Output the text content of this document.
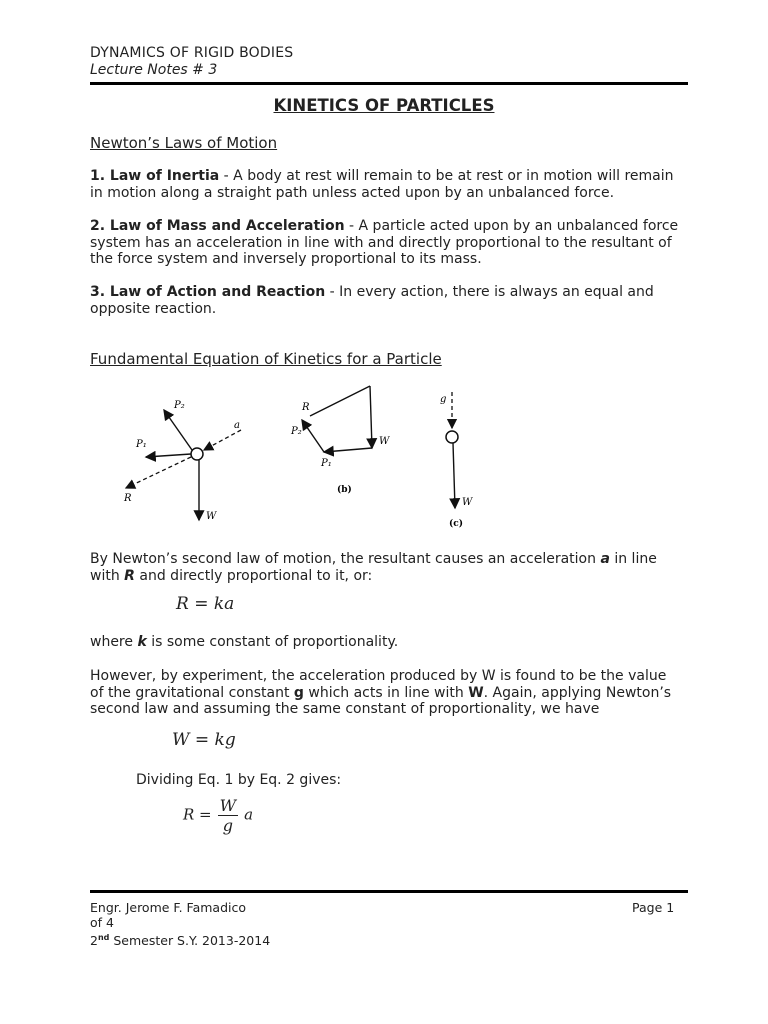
DYNAMICS OF RIGID BODIES
Lecture Notes # 3
KINETICS OF PARTICLES
Newton’s Laws of Motion
1. Law of Inertia - A body at rest will remain to be at rest or in motion will remain in motion along a straight path unless acted upon by an unbalanced force.
2. Law of Mass and Acceleration - A particle acted upon by an unbalanced force system has an acceleration in line with and directly proportional to the resultant of the force system and inversely proportional to its mass.
3. Law of Action and Reaction - In every action, there is always an equal and opposite reaction.
Fundamental Equation of Kinetics for a Particle
P₂
P₁
a
R
W
R
P₂
W
P₁
(b)
g
W
(c)
By Newton’s second law of motion, the resultant causes an acceleration a in line with R and directly proportional to it, or:
R = ka
where k is some constant of proportionality.
However, by experiment, the acceleration produced by W is found to be the value of the gravitational constant g which acts in line with W. Again, applying Newton’s second law and assuming the same constant of proportionality, we have
W = kg
Dividing Eq. 1 by Eq. 2 gives:
$R = \frac{W}{g}$ a
Engr. Jerome F. Famadico
of 4
2nd Semester S.Y. 2013-2014
Page 1
